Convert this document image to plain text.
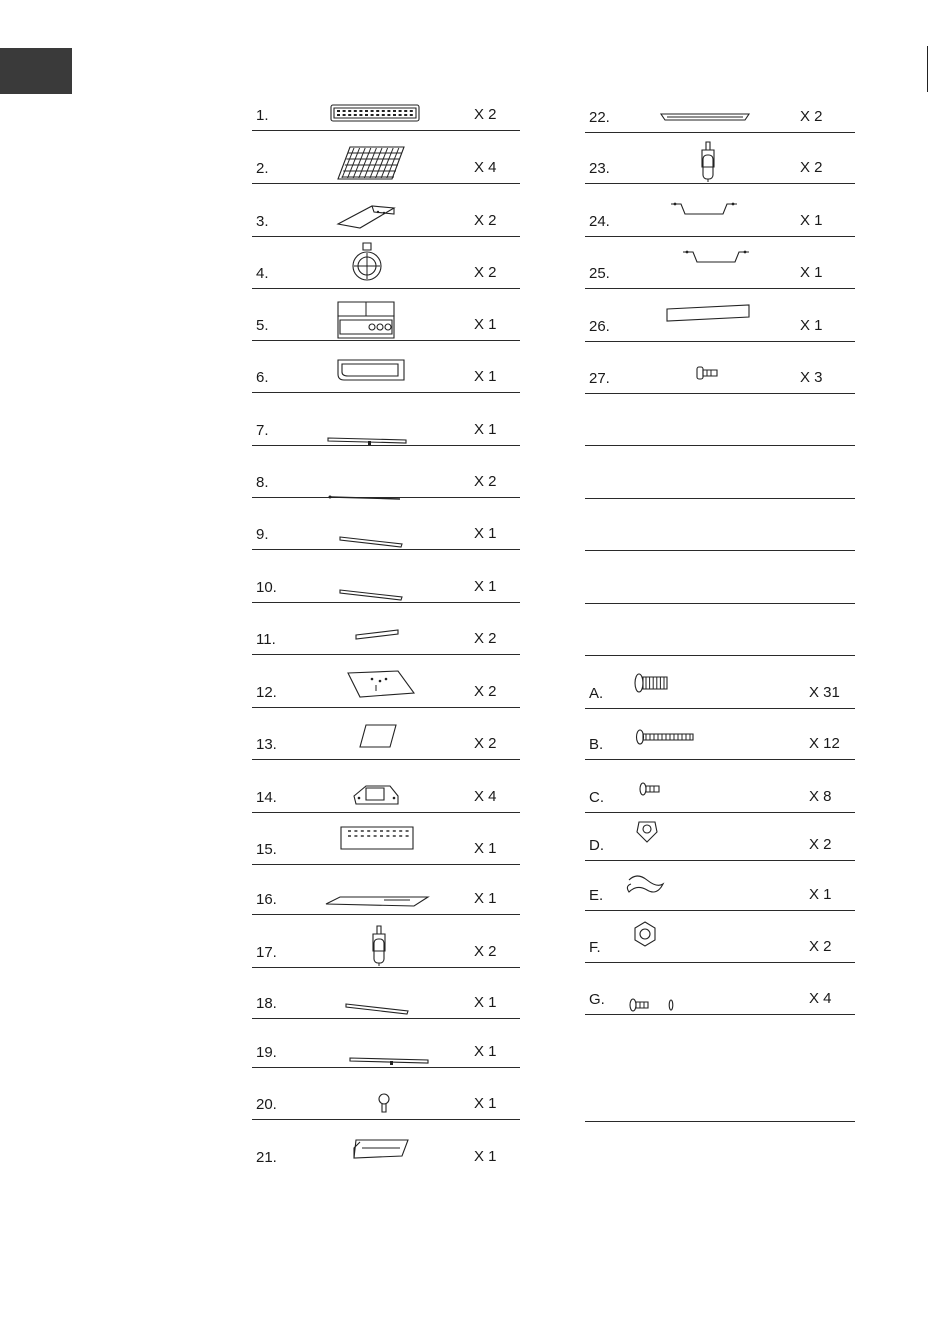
1.	X 2
2.	X 4
3.	X 2
4.	X 2
5.	X 1
6.	X 1
7.	X 1
8.	X 2
9.	X 1
10.	X 1
11.	X 2
12.	X 2
13.	X 2
14.	X 4
15.	X 1
16.	X 1
17.	X 2
18.	X 1
19.	X 1
20.	X 1
21.	X 1
22.	X 2
23.	X 2
24.	X 1
25.	X 1
26.	X 1
27.	X 3
A.	X 31
B.	X 12
C.	X 8
D.	X 2
E.	X 1
F.	X 2
G.	X 4
